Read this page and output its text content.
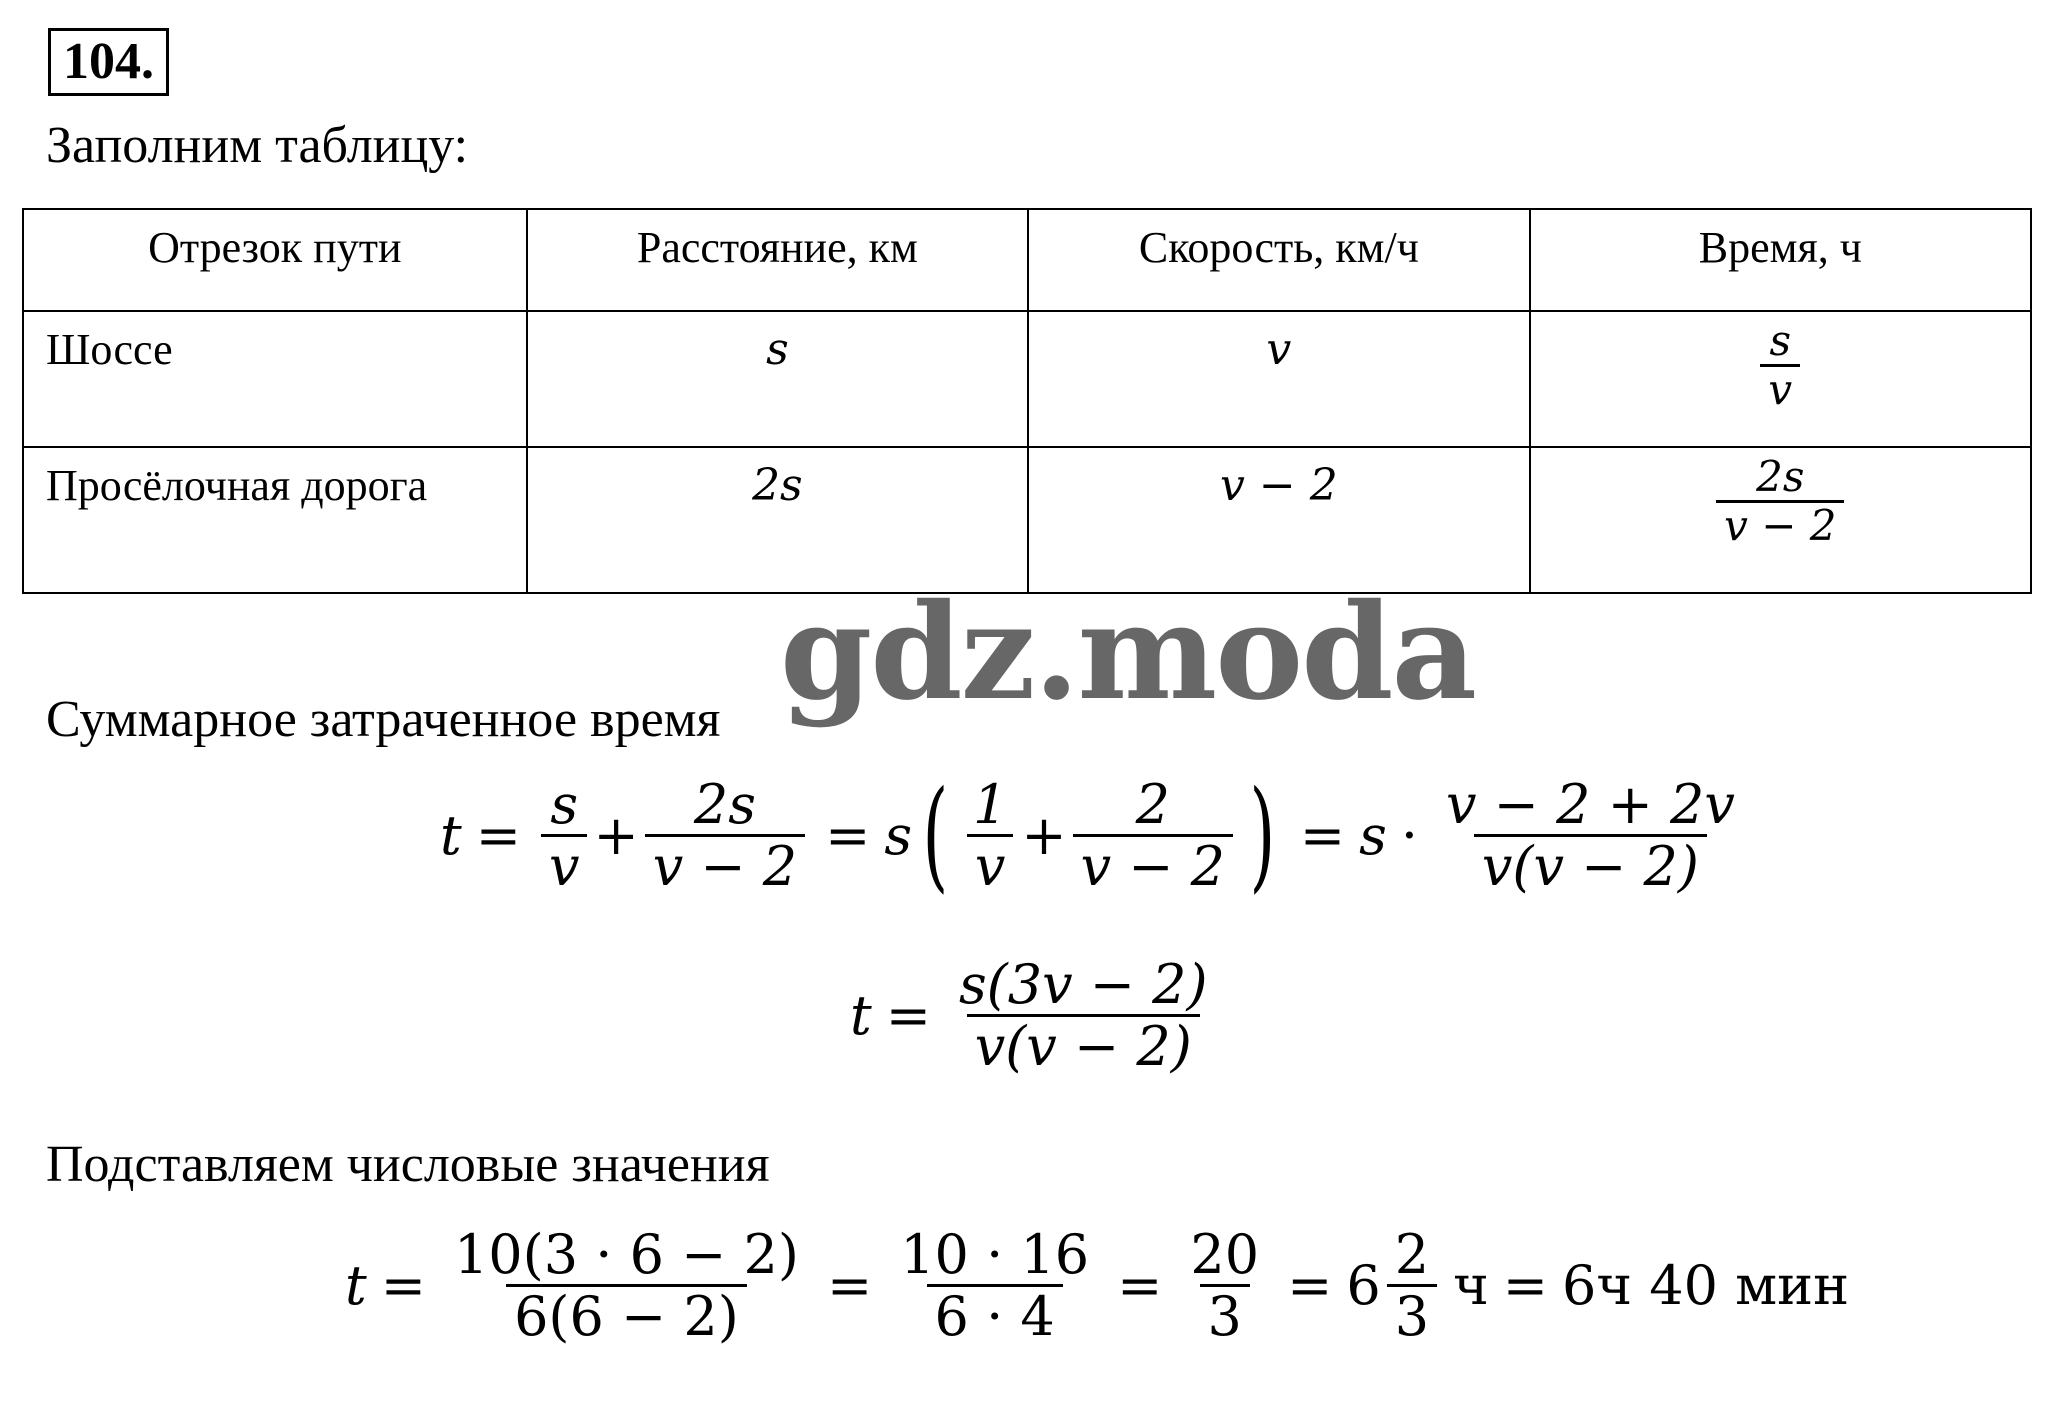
104.
Заполним таблицу:
Отрезок пути	Расстояние, км	Скорость, км/ч	Время, ч
Шоссе	s	v	$\frac{s}{v}$

Просёлочная дорога	2s	v − 2	$\frac{2s}{v - 2}$
gdz.moda
Суммарное затраченное время
$t = \frac{s}{v} + \frac{2s}{v - 2} = s$ ( $\frac{1}{v} + \frac{2}{v - 2}$ ) = $s \cdot \frac{v - 2 + 2v}{v(v - 2)}$
$t = \frac{s(3v - 2)}{v(v - 2)}$
Подставляем числовые значения
$t = \frac{10(3 \cdot 6 - 2)}{6(6 - 2)} = \frac{10 \cdot 16}{6 \cdot 4} = \frac{20}{3} = 6 \frac{2}{3}$ ч = 6ч 40 мин
